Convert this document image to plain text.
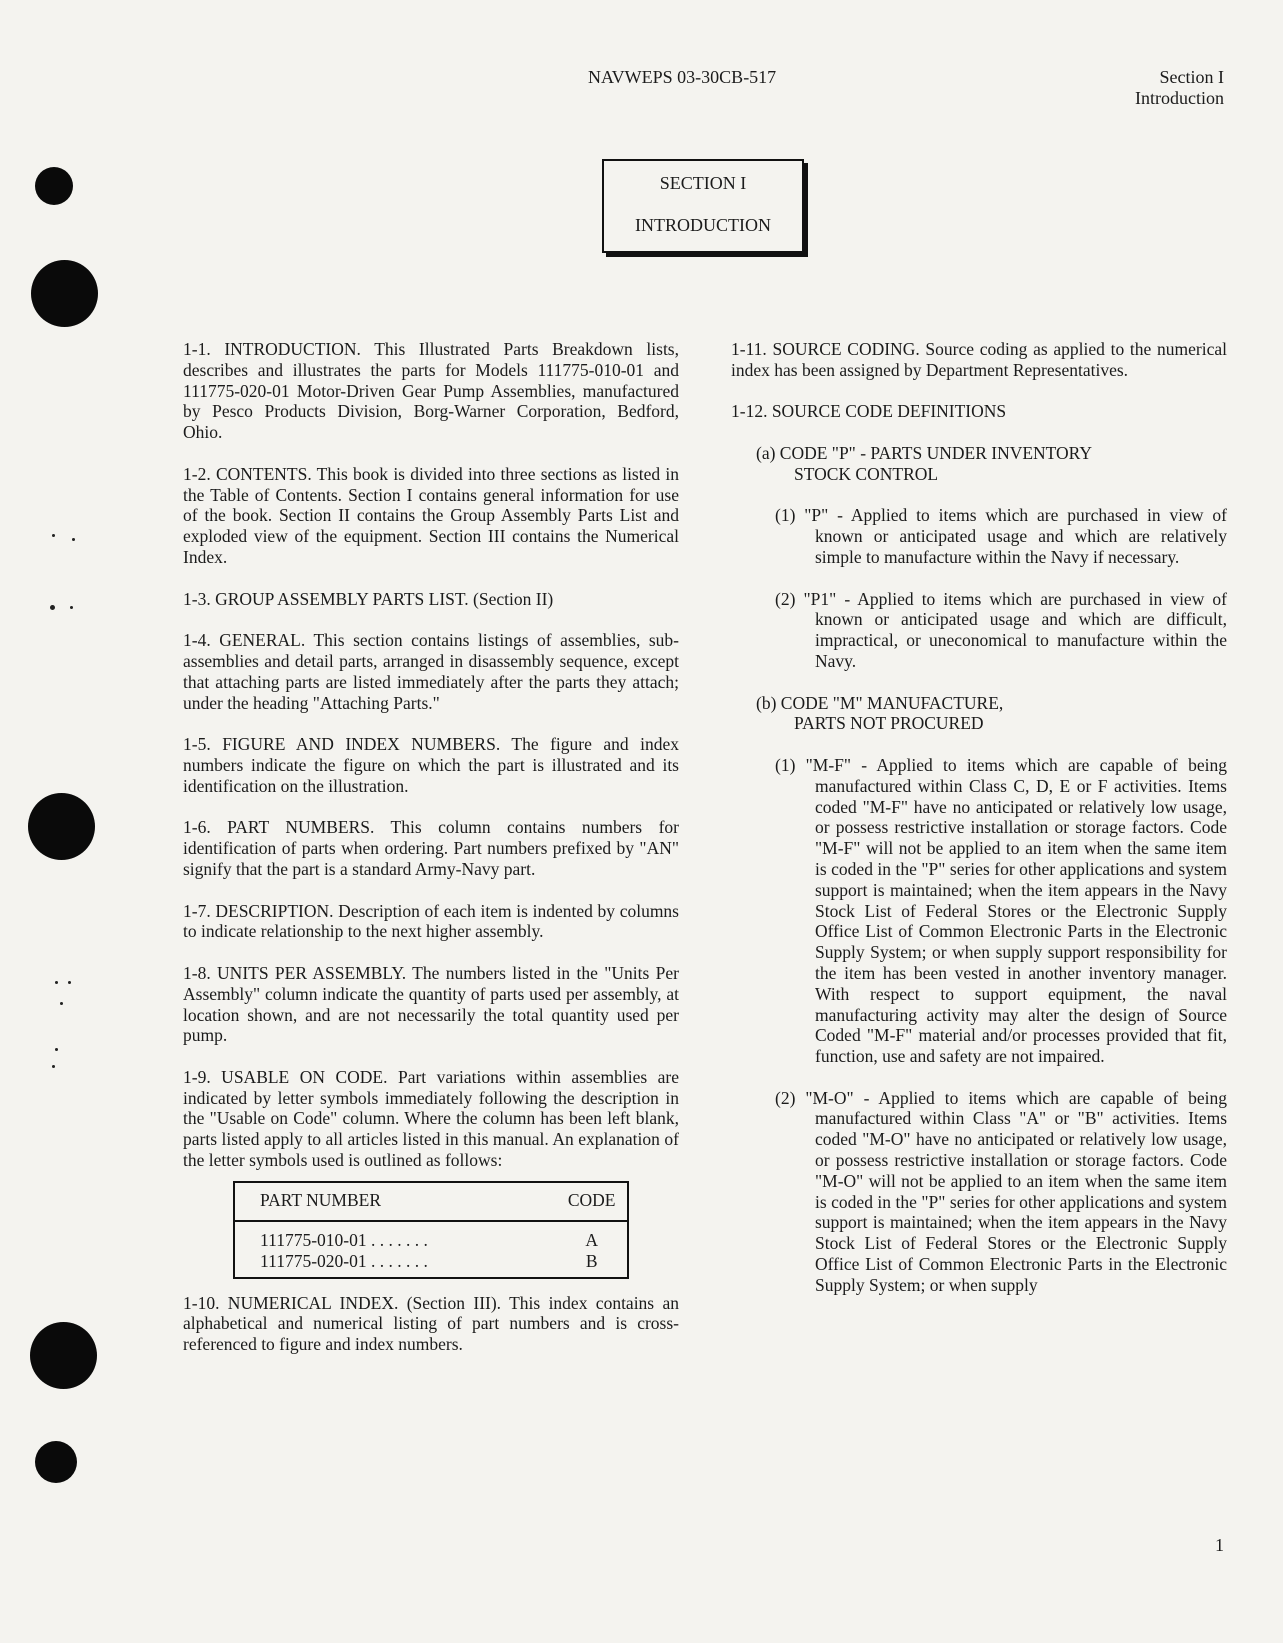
NAVWEPS 03-30CB-517	Section I
Introduction
SECTION I
INTRODUCTION

1-1. INTRODUCTION. This Illustrated Parts Breakdown lists, describes and illustrates the parts for Models 111775-010-01 and 111775-020-01 Motor-Driven Gear Pump Assemblies, manufactured by Pesco Products Division, Borg-Warner Corporation, Bedford, Ohio.

1-2. CONTENTS. This book is divided into three sections as listed in the Table of Contents. Section I contains general information for use of the book. Section II contains the Group Assembly Parts List and exploded view of the equipment. Section III contains the Numerical Index.

1-3. GROUP ASSEMBLY PARTS LIST. (Section II)

1-4. GENERAL. This section contains listings of assemblies, sub-assemblies and detail parts, arranged in disassembly sequence, except that attaching parts are listed immediately after the parts they attach; under the heading "Attaching Parts."

1-5. FIGURE AND INDEX NUMBERS. The figure and index numbers indicate the figure on which the part is illustrated and its identification on the illustration.

1-6. PART NUMBERS. This column contains numbers for identification of parts when ordering. Part numbers prefixed by "AN" signify that the part is a standard Army-Navy part.

1-7. DESCRIPTION. Description of each item is indented by columns to indicate relationship to the next higher assembly.

1-8. UNITS PER ASSEMBLY. The numbers listed in the "Units Per Assembly" column indicate the quantity of parts used per assembly, at location shown, and are not necessarily the total quantity used per pump.

1-9. USABLE ON CODE. Part variations within assemblies are indicated by letter symbols immediately following the description in the "Usable on Code" column. Where the column has been left blank, parts listed apply to all articles listed in this manual. An explanation of the letter symbols used is outlined as follows:

PART NUMBER	CODE
111775-010-01 . . . . . . .	A
111775-020-01 . . . . . . .	B

1-10. NUMERICAL INDEX. (Section III). This index contains an alphabetical and numerical listing of part numbers and is cross-referenced to figure and index numbers.

1-11. SOURCE CODING. Source coding as applied to the numerical index has been assigned by Department Representatives.

1-12. SOURCE CODE DEFINITIONS

(a) CODE "P" - PARTS UNDER INVENTORY
STOCK CONTROL

(1) "P" - Applied to items which are purchased in view of known or anticipated usage and which are relatively simple to manufacture within the Navy if necessary.

(2) "P1" - Applied to items which are purchased in view of known or anticipated usage and which are difficult, impractical, or uneconomical to manufacture within the Navy.

(b) CODE "M" MANUFACTURE,
PARTS NOT PROCURED

(1) "M-F" - Applied to items which are capable of being manufactured within Class C, D, E or F activities. Items coded "M-F" have no anticipated or relatively low usage, or possess restrictive installation or storage factors. Code "M-F" will not be applied to an item when the same item is coded in the "P" series for other applications and system support is maintained; when the item appears in the Navy Stock List of Federal Stores or the Electronic Supply Office List of Common Electronic Parts in the Electronic Supply System; or when supply support responsibility for the item has been vested in another inventory manager. With respect to support equipment, the naval manufacturing activity may alter the design of Source Coded "M-F" material and/or processes provided that fit, function, use and safety are not impaired.

(2) "M-O" - Applied to items which are capable of being manufactured within Class "A" or "B" activities. Items coded "M-O" have no anticipated or relatively low usage, or possess restrictive installation or storage factors. Code "M-O" will not be applied to an item when the same item is coded in the "P" series for other applications and system support is maintained; when the item appears in the Navy Stock List of Federal Stores or the Electronic Supply Office List of Common Electronic Parts in the Electronic Supply System; or when supply

1
